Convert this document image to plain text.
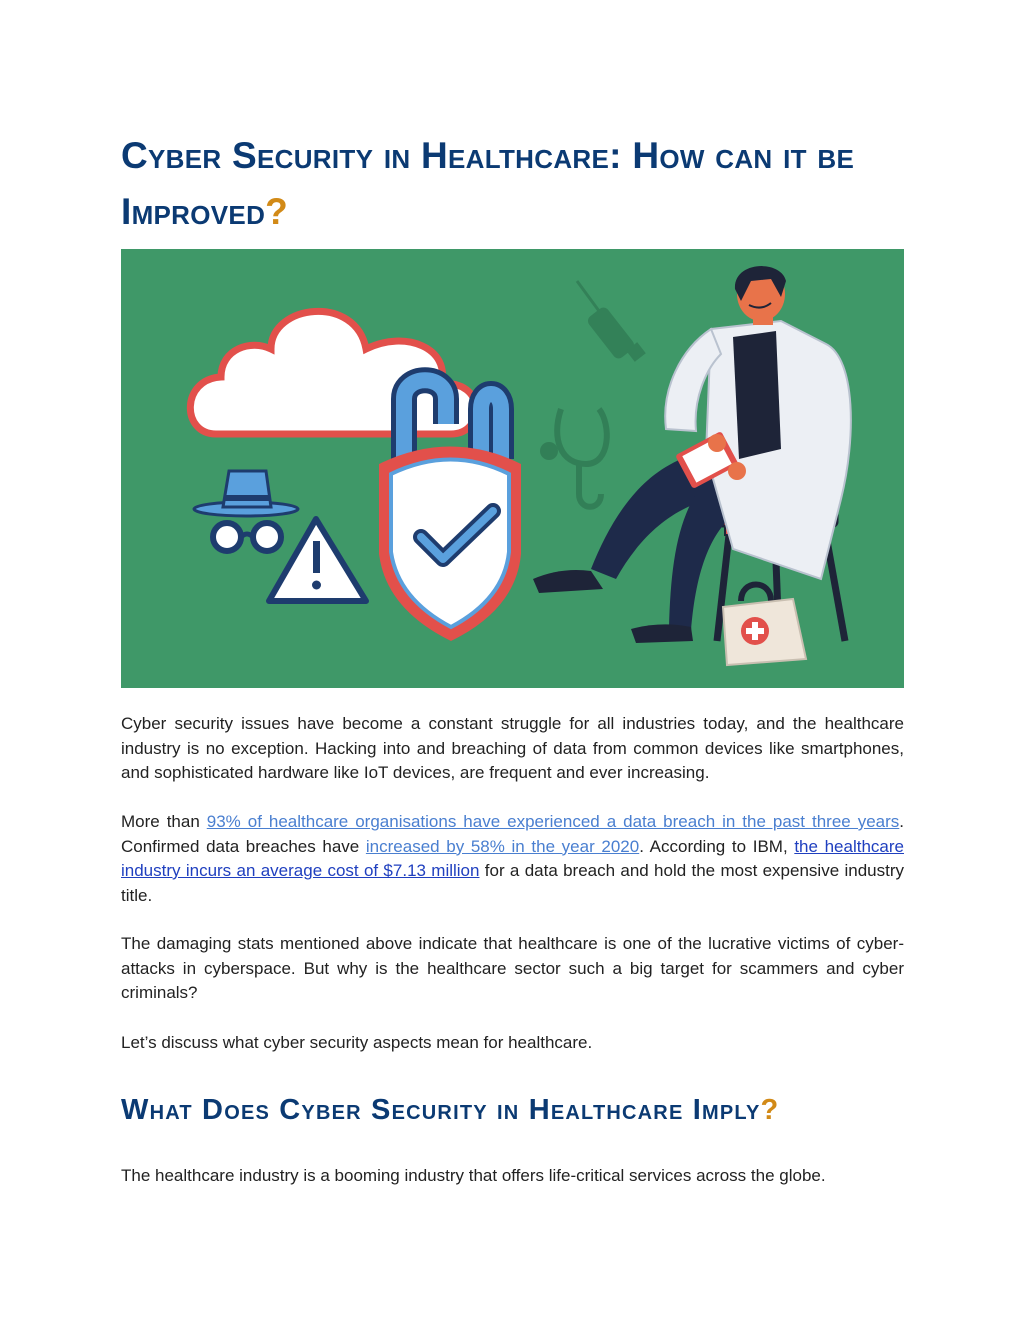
Cyber Security in Healthcare: How can it be Improved?

Cyber security issues have become a constant struggle for all industries today, and the healthcare industry is no exception. Hacking into and breaching of data from common devices like smartphones, and sophisticated hardware like IoT devices, are frequent and ever increasing.

More than 93% of healthcare organisations have experienced a data breach in the past three years. Confirmed data breaches have increased by 58% in the year 2020. According to IBM, the healthcare industry incurs an average cost of $7.13 million for a data breach and hold the most expensive industry title.

The damaging stats mentioned above indicate that healthcare is one of the lucrative victims of cyber-attacks in cyberspace. But why is the healthcare sector such a big target for scammers and cyber criminals?

Let’s discuss what cyber security aspects mean for healthcare.

What Does Cyber Security in Healthcare Imply?

The healthcare industry is a booming industry that offers life-critical services across the globe.
